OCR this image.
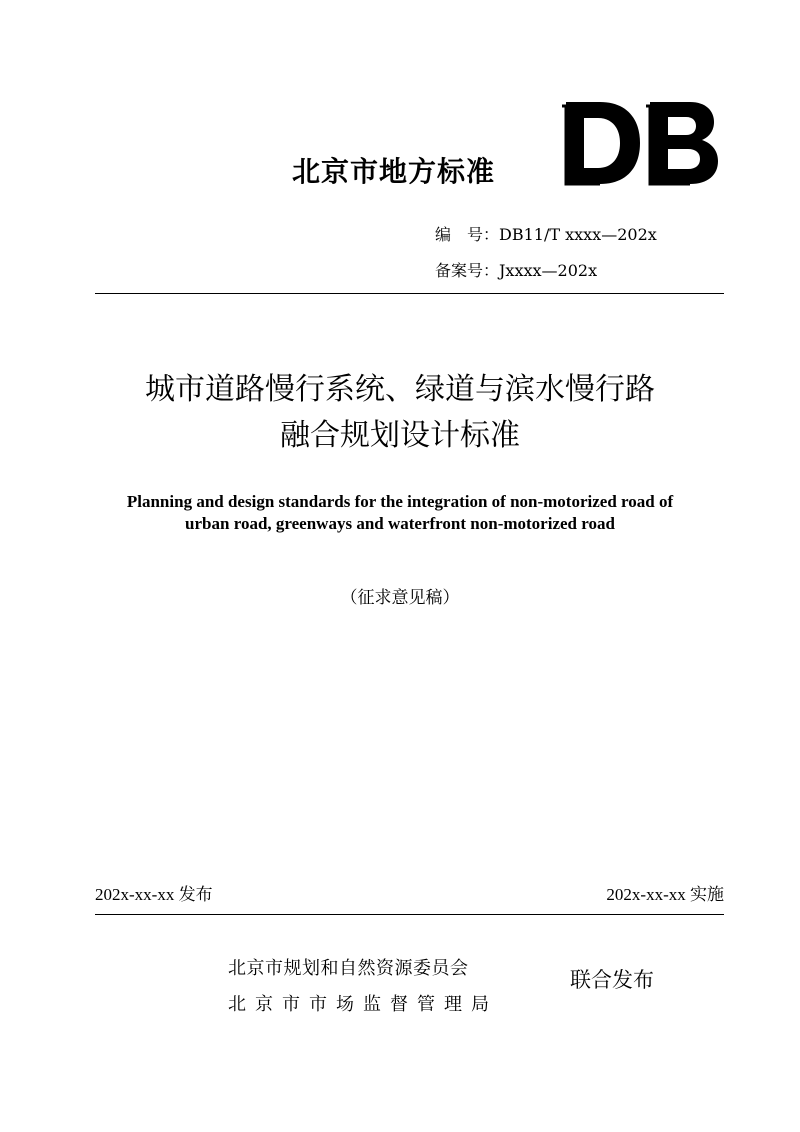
北京市地方标准
编　号：DB11/T xxxx—202x
备案号：Jxxxx—202x
城市道路慢行系统、绿道与滨水慢行路
融合规划设计标准
Planning and design standards for the integration of non-motorized road of
urban road, greenways and waterfront non-motorized road
（征求意见稿）
202x-xx-xx 发布	202x-xx-xx 实施
北京市规划和自然资源委员会
北京市市场监督管理局
联合发布
